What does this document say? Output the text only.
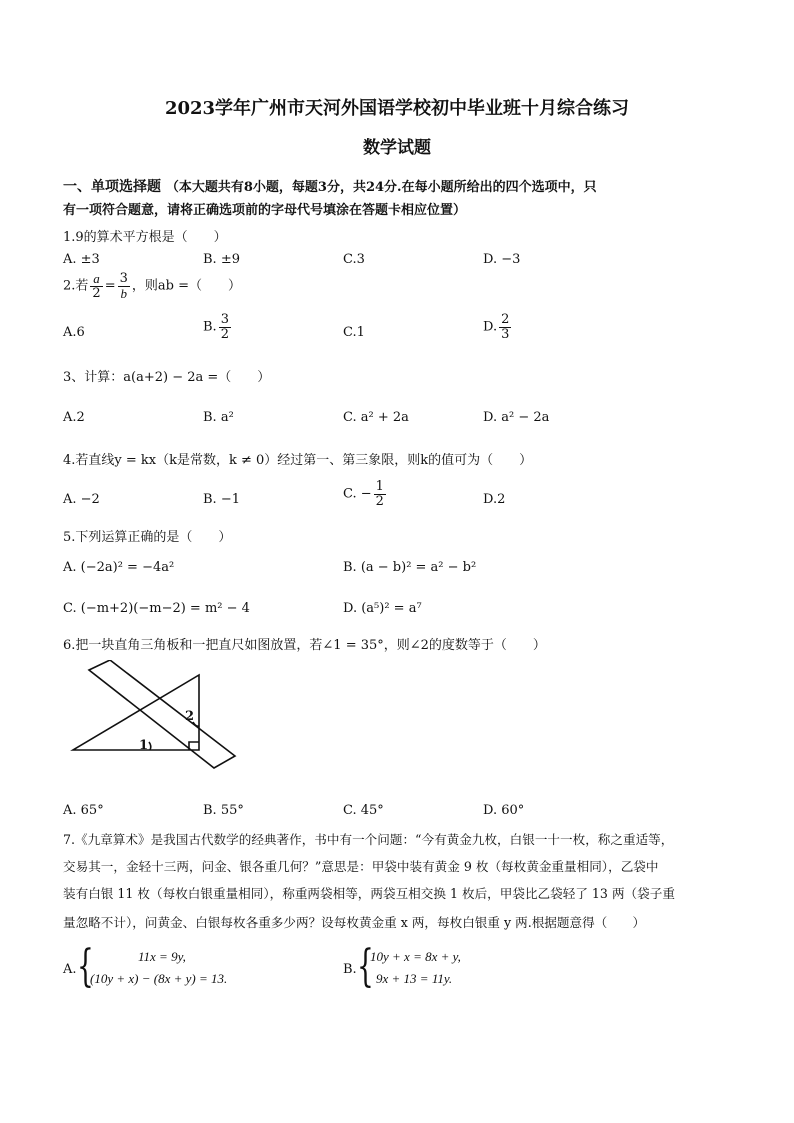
2023学年广州市天河外国语学校初中毕业班十月综合练习
数学试题
一、单项选择题 （本大题共有8小题，每题3分，共24分.在每小题所给出的四个选项中，只
有一项符合题意，请将正确选项前的字母代号填涂在答题卡相应位置）
1.9的算术平方根是（　　）
A. ±3	B. ±9	C.3	D. −3
2.若 $\frac{a}{2} = \frac{3}{b}$ ，则ab =（　　）
A.6	B. $\frac{3}{2}$	C.1	D. $\frac{2}{3}$
3、计算：a(a+2) − 2a =（　　）
A.2	B. a²	C. a² + 2a	D. a² − 2a
4.若直线y = kx（k是常数，k ≠ 0）经过第一、第三象限，则k的值可为（　　）
A. −2	B. −1	C. − $\frac{1}{2}$	D.2
5.下列运算正确的是（　　）
A. (−2a)² = −4a²	B. (a − b)² = a² − b²
C. (−m+2)(−m−2) = m² − 4	D. (a⁵)² = a⁷
6.把一块直角三角板和一把直尺如图放置，若∠1 = 35°，则∠2的度数等于（　　）
2
1
A. 65°	B. 55°	C. 45°	D. 60°
7.《九章算术》是我国古代数学的经典著作，书中有一个问题：“今有黄金九枚，白银一十一枚，称之重适等，
交易其一，金轻十三两，问金、银各重几何？”意思是：甲袋中装有黄金 9 枚（每枚黄金重量相同），乙袋中
装有白银 11 枚（每枚白银重量相同），称重两袋相等，两袋互相交换 1 枚后，甲袋比乙袋轻了 13 两（袋子重
量忽略不计），问黄金、白银每枚各重多少两？设每枚黄金重 x 两，每枚白银重 y 两.根据题意得（　　）
A. {	11x = 9y,
(10y + x) − (8x + y) = 13.
B. {
10y + x = 8x + y,
9x + 13 = 11y.
